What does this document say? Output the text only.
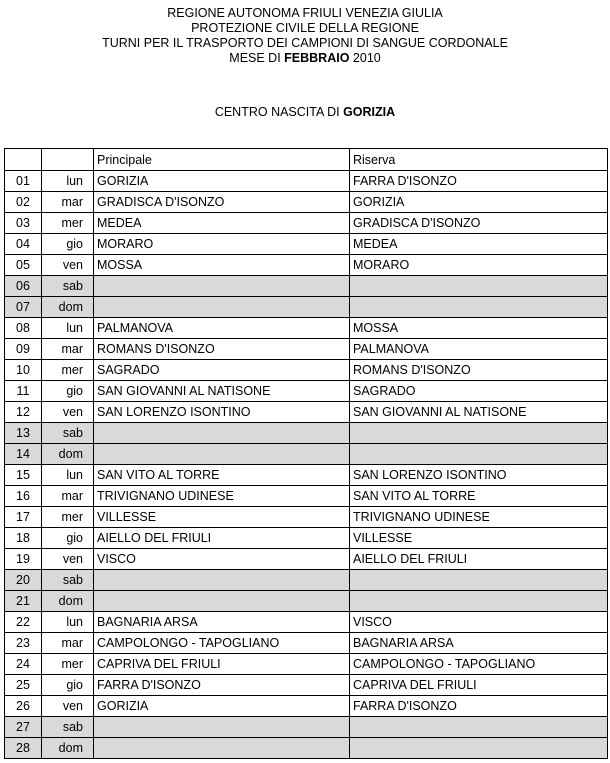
REGIONE AUTONOMA FRIULI VENEZIA GIULIA
PROTEZIONE CIVILE DELLA REGIONE
TURNI PER IL TRASPORTO DEI CAMPIONI DI SANGUE CORDONALE
MESE DI FEBBRAIO 2010
CENTRO NASCITA DI GORIZIA
		Principale	Riserva
01	lun	GORIZIA	FARRA D'ISONZO
02	mar	GRADISCA D'ISONZO	GORIZIA
03	mer	MEDEA	GRADISCA D'ISONZO
04	gio	MORARO	MEDEA
05	ven	MOSSA	MORARO
06	sab		
07	dom		
08	lun	PALMANOVA	MOSSA
09	mar	ROMANS D'ISONZO	PALMANOVA
10	mer	SAGRADO	ROMANS D'ISONZO
11	gio	SAN GIOVANNI AL NATISONE	SAGRADO
12	ven	SAN LORENZO ISONTINO	SAN GIOVANNI AL NATISONE
13	sab		
14	dom		
15	lun	SAN VITO AL TORRE	SAN LORENZO ISONTINO
16	mar	TRIVIGNANO UDINESE	SAN VITO AL TORRE
17	mer	VILLESSE	TRIVIGNANO UDINESE
18	gio	AIELLO DEL FRIULI	VILLESSE
19	ven	VISCO	AIELLO DEL FRIULI
20	sab		
21	dom		
22	lun	BAGNARIA ARSA	VISCO
23	mar	CAMPOLONGO - TAPOGLIANO	BAGNARIA ARSA
24	mer	CAPRIVA DEL FRIULI	CAMPOLONGO - TAPOGLIANO
25	gio	FARRA D'ISONZO	CAPRIVA DEL FRIULI
26	ven	GORIZIA	FARRA D'ISONZO
27	sab		
28	dom		
